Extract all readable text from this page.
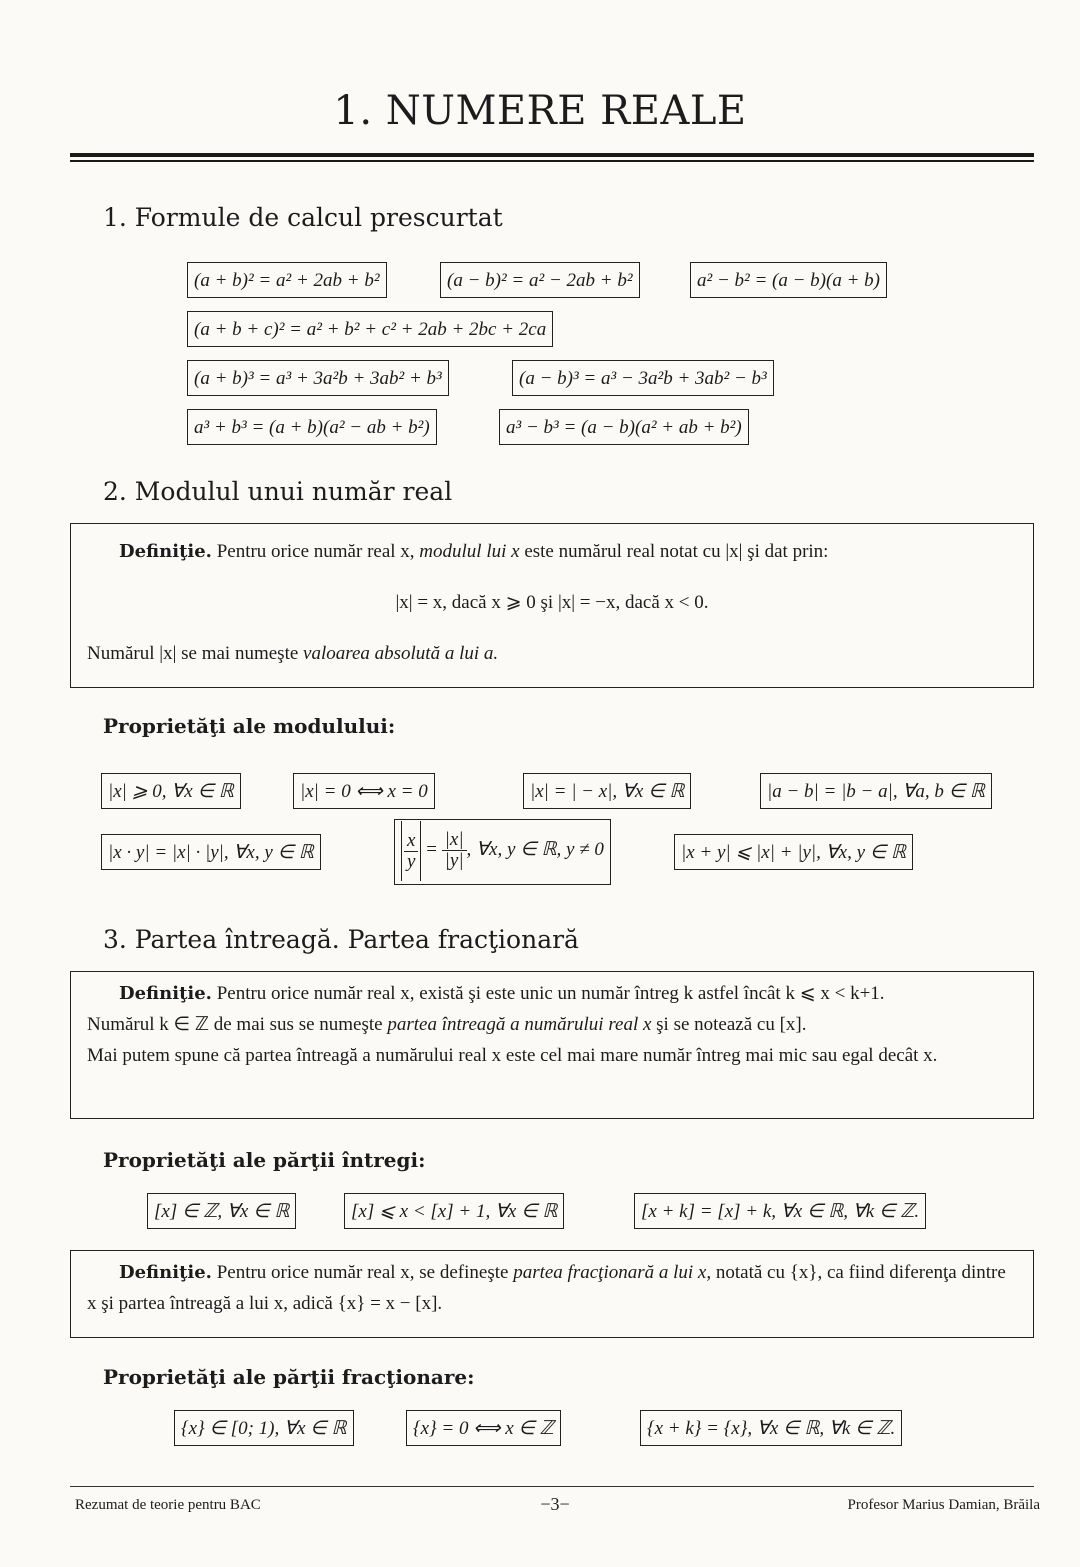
1. NUMERE REALE
1. Formule de calcul prescurtat
(a + b)² = a² + 2ab + b²	(a − b)² = a² − 2ab + b²	a² − b² = (a − b)(a + b)
(a + b + c)² = a² + b² + c² + 2ab + 2bc + 2ca
(a + b)³ = a³ + 3a²b + 3ab² + b³	(a − b)³ = a³ − 3a²b + 3ab² − b³
a³ + b³ = (a + b)(a² − ab + b²)	a³ − b³ = (a − b)(a² + ab + b²)
2. Modulul unui număr real
Definiţie. Pentru orice număr real x, modulul lui x este numărul real notat cu |x| şi dat prin:
|x| = x, dacă x ⩾ 0 şi |x| = −x, dacă x < 0.
Numărul |x| se mai numeşte valoarea absolută a lui a.
Proprietăţi ale modulului:
|x| ⩾ 0, ∀x ∈ ℝ	|x| = 0 ⟺ x = 0	|x| = | − x|, ∀x ∈ ℝ	|a − b| = |b − a|, ∀a, b ∈ ℝ
|x · y| = |x| · |y|, ∀x, y ∈ ℝ	$\frac{x}{y} = \frac{|x|}{|y|}$ , ∀x, y ∈ ℝ, y ≠ 0	|x + y| ⩽ |x| + |y|, ∀x, y ∈ ℝ
3. Partea întreagă. Partea fracţionară
Definiţie. Pentru orice număr real x, există şi este unic un număr întreg k astfel încât k ⩽ x < k+1.
Numărul k ∈ ℤ de mai sus se numeşte partea întreagă a numărului real x şi se notează cu [x].
Mai putem spune că partea întreagă a numărului real x este cel mai mare număr întreg mai mic sau egal decât x.
Proprietăţi ale părţii întregi:
[x] ∈ ℤ, ∀x ∈ ℝ	[x] ⩽ x < [x] + 1, ∀x ∈ ℝ	[x + k] = [x] + k, ∀x ∈ ℝ, ∀k ∈ ℤ.
Definiţie. Pentru orice număr real x, se defineşte partea fracţionară a lui x, notată cu {x}, ca fiind diferenţa dintre x şi partea întreagă a lui x, adică {x} = x − [x].
Proprietăţi ale părţii fracţionare:
{x} ∈ [0; 1), ∀x ∈ ℝ	{x} = 0 ⟺ x ∈ ℤ	{x + k} = {x}, ∀x ∈ ℝ, ∀k ∈ ℤ.
Rezumat de teorie pentru BAC	−3−	Profesor Marius Damian, Brăila
